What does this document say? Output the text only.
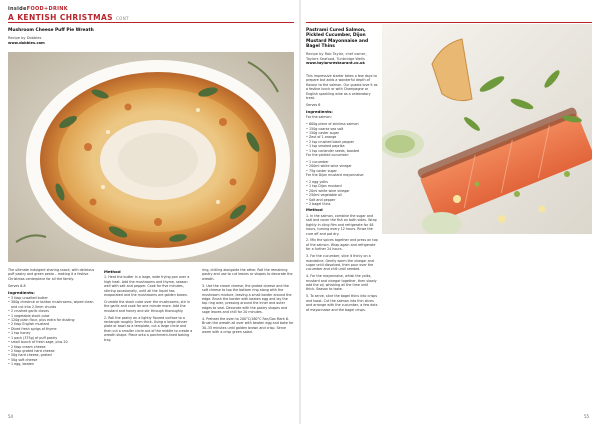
insideFOOD+DRINK
A KENTISH CHRISTMAS CONT
Mushroom Cheese Puff Pie Wreath
Recipe by Dobbies
www.dobbies.com

The ultimate indulgent sharing snack, with delicious puff pastry and green pesto – making it a festive Christmas centerpiece for all the family.

Serves 6-8

Ingredients:
• 3 tbsp unsalted butter
• 300g chestnut or button mushrooms, wiped clean and cut into 2.5mm chunks
• 2 crushed garlic cloves
• 1 vegetable stock cube
• 120g plain flour, plus extra for dusting
• 2 tbsp English mustard
• Diced fresh sprigs of thyme
• 1 tsp honey
• 1 pack (375g) of puff pastry
• small bunch of fresh sage, plus 20
• 2 tbsp cream cheese
• 2 tbsp grated hard cheese
• 50g hard cheese, grated
• 50g soft cheese
• 1 egg, beaten
Method

1. Heat the butter in a large, wide frying pan over a high heat. Add the mushrooms and thyme, season well with salt and pepper. Cook for five minutes, stirring occasionally, until all the liquid has evaporated and the mushrooms are golden brown.

Crumble the stock cube over the mushrooms, stir in the garlic and cook for one minute more. Add the mustard and honey and stir through thoroughly.

2. Roll the pastry on a lightly floured surface to a rectangle roughly 3mm thick. Using a large dinner plate or bowl as a template, cut a large circle and then cut a smaller circle out of the middle to create a wreath shape. Place onto a parchment-lined baking tray.

ring, chilling alongside the other. Roll the remaining pastry and use to cut leaves or shapes to decorate the wreath.

3. Use the cream cheese, the grated cheese and the soft cheese to top the bottom ring along with the mushroom mixture, leaving a small border around the edge. Brush the border with beaten egg and lay the top ring over, pressing around the inner and outer edges to seal. Decorate with the pastry shapes and sage leaves and chill for 20 minutes.

4. Preheat the oven to 200°C/180°C Fan/Gas Mark 6. Brush the wreath all over with beaten egg and bake for 30–35 minutes until golden brown and crisp. Serve warm with a crisp green salad.

54
Pastrami Cured Salmon, Pickled Cucumber, Dijon Mustard Mayonnaise and Bagel Thins
Recipe by Rob Taylor, chef owner, Taylors Seafood, Tunbridge Wells
www.taylorsrestaurant.co.uk

This impressive starter takes a few days to prepare but adds a wonderful depth of flavour to the salmon. Our guests love it as a festive lunch or with Champagne or English sparkling wine as a celebratory treat.

Serves 6

Ingredients:

For the salmon:

• 600g piece of skinless salmon
• 150g coarse sea salt
• 150g caster sugar
• Zest of 1 orange
• 2 tsp crushed black pepper
• 1 tsp smoked paprika
• 1 tsp coriander seeds, toasted

For the pickled cucumber:

• 1 cucumber
• 200ml white wine vinegar
• 75g caster sugar

For the Dijon mustard mayonnaise:

• 2 egg yolks
• 1 tsp Dijon mustard
• 20ml white wine vinegar
• 250ml vegetable oil
• Salt and pepper
• 2 bagel thins
Method

1. In the salmon, combine the sugar and salt and cover the fish on both sides. Wrap tightly in cling film and refrigerate for 48 hours, turning every 12 hours. Rinse the cure off and pat dry.

2. Mix the spices together and press on top of the salmon. Wrap again and refrigerate for a further 24 hours.

3. For the cucumber, slice it thinly on a mandoline. Gently warm the vinegar and sugar until dissolved, then pour over the cucumber and chill until needed.

4. For the mayonnaise, whisk the yolks, mustard and vinegar together, then slowly add the oil, whisking all the time until thick. Season to taste.

5. To serve, slice the bagel thins into crisps and toast. Cut the salmon into thin slices and arrange with the cucumber, a few dots of mayonnaise and the bagel crisps.

55
